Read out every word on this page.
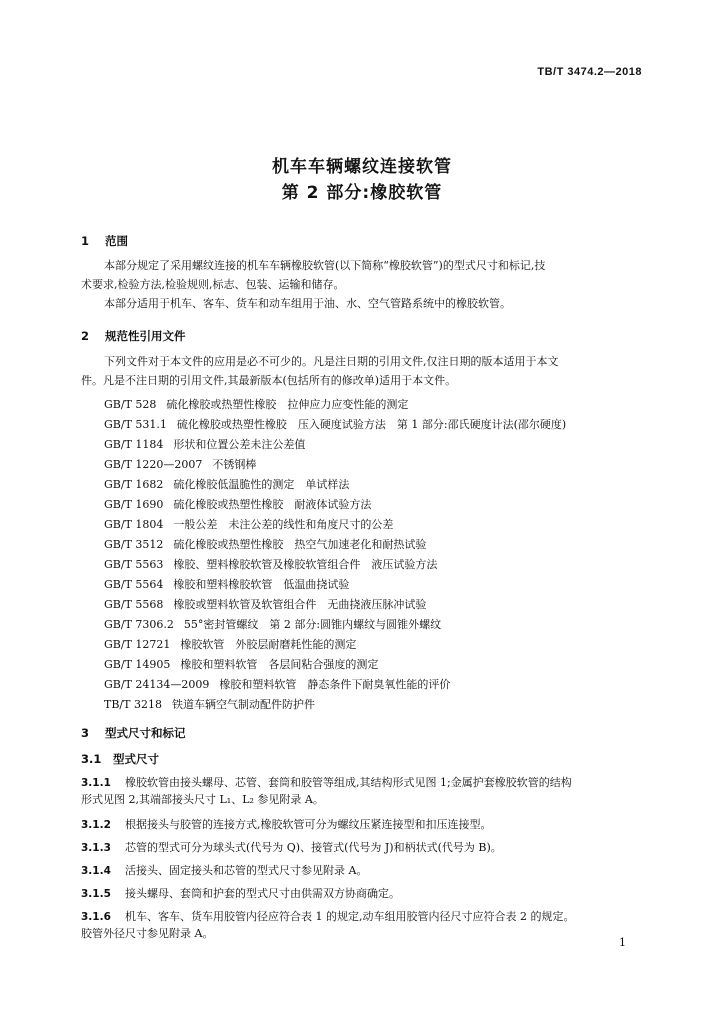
TB/T 3474.2—2018
机车车辆螺纹连接软管
第 2 部分:橡胶软管
1 范围
本部分规定了采用螺纹连接的机车车辆橡胶软管(以下简称“橡胶软管”)的型式尺寸和标记,技
术要求,检验方法,检验规则,标志、包装、运输和储存。
本部分适用于机车、客车、货车和动车组用于油、水、空气管路系统中的橡胶软管。
2 规范性引用文件
下列文件对于本文件的应用是必不可少的。凡是注日期的引用文件,仅注日期的版本适用于本文
件。凡是不注日期的引用文件,其最新版本(包括所有的修改单)适用于本文件。
GB/T 528 硫化橡胶或热塑性橡胶　拉伸应力应变性能的测定
GB/T 531.1 硫化橡胶或热塑性橡胶　压入硬度试验方法　第 1 部分:邵氏硬度计法(邵尔硬度)
GB/T 1184 形状和位置公差未注公差值
GB/T 1220—2007 不锈钢棒
GB/T 1682 硫化橡胶低温脆性的测定　单试样法
GB/T 1690 硫化橡胶或热塑性橡胶　耐液体试验方法
GB/T 1804 一般公差　未注公差的线性和角度尺寸的公差
GB/T 3512 硫化橡胶或热塑性橡胶　热空气加速老化和耐热试验
GB/T 5563 橡胶、塑料橡胶软管及橡胶软管组合件　液压试验方法
GB/T 5564 橡胶和塑料橡胶软管　低温曲挠试验
GB/T 5568 橡胶或塑料软管及软管组合件　无曲挠液压脉冲试验
GB/T 7306.2 55°密封管螺纹　第 2 部分:圆锥内螺纹与圆锥外螺纹
GB/T 12721 橡胶软管　外胶层耐磨耗性能的测定
GB/T 14905 橡胶和塑料软管　各层间粘合强度的测定
GB/T 24134—2009 橡胶和塑料软管　静态条件下耐臭氧性能的评价
TB/T 3218 铁道车辆空气制动配件防护件
3 型式尺寸和标记
3.1 型式尺寸
3.1.1 橡胶软管由接头螺母、芯管、套筒和胶管等组成,其结构形式见图 1;金属护套橡胶软管的结构
形式见图 2,其端部接头尺寸 L₁、L₂ 参见附录 A。
3.1.2 根据接头与胶管的连接方式,橡胶软管可分为螺纹压紧连接型和扣压连接型。
3.1.3 芯管的型式可分为球头式(代号为 Q)、接管式(代号为 J)和柄状式(代号为 B)。
3.1.4 活接头、固定接头和芯管的型式尺寸参见附录 A。
3.1.5 接头螺母、套筒和护套的型式尺寸由供需双方协商确定。
3.1.6 机车、客车、货车用胶管内径应符合表 1 的规定,动车组用胶管内径尺寸应符合表 2 的规定。
胶管外径尺寸参见附录 A。
1
